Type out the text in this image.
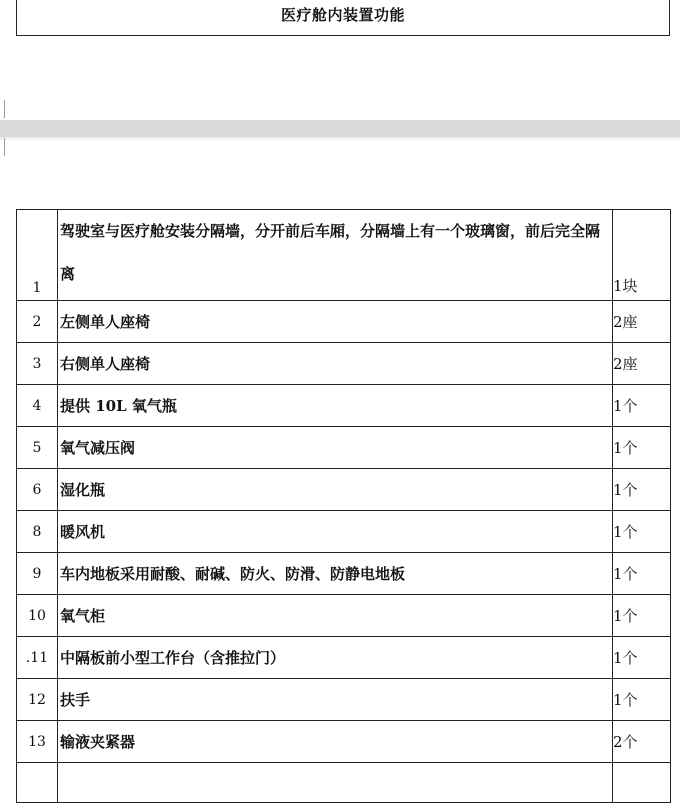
医疗舱内装置功能
1	驾驶室与医疗舱安装分隔墙，分开前后车厢，分隔墙上有一个玻璃窗，前后完全隔离	1块
2	左侧单人座椅	2座
3	右侧单人座椅	2座
4	提供 10L 氧气瓶	1个
5	氧气减压阀	1个
6	湿化瓶	1个
8	暖风机	1个
9	车内地板采用耐酸、耐碱、防火、防滑、防静电地板	1个
10	氧气柜	1个
.11	中隔板前小型工作台（含推拉门）	1个
12	扶手	1个
13	输液夹紧器	2个
